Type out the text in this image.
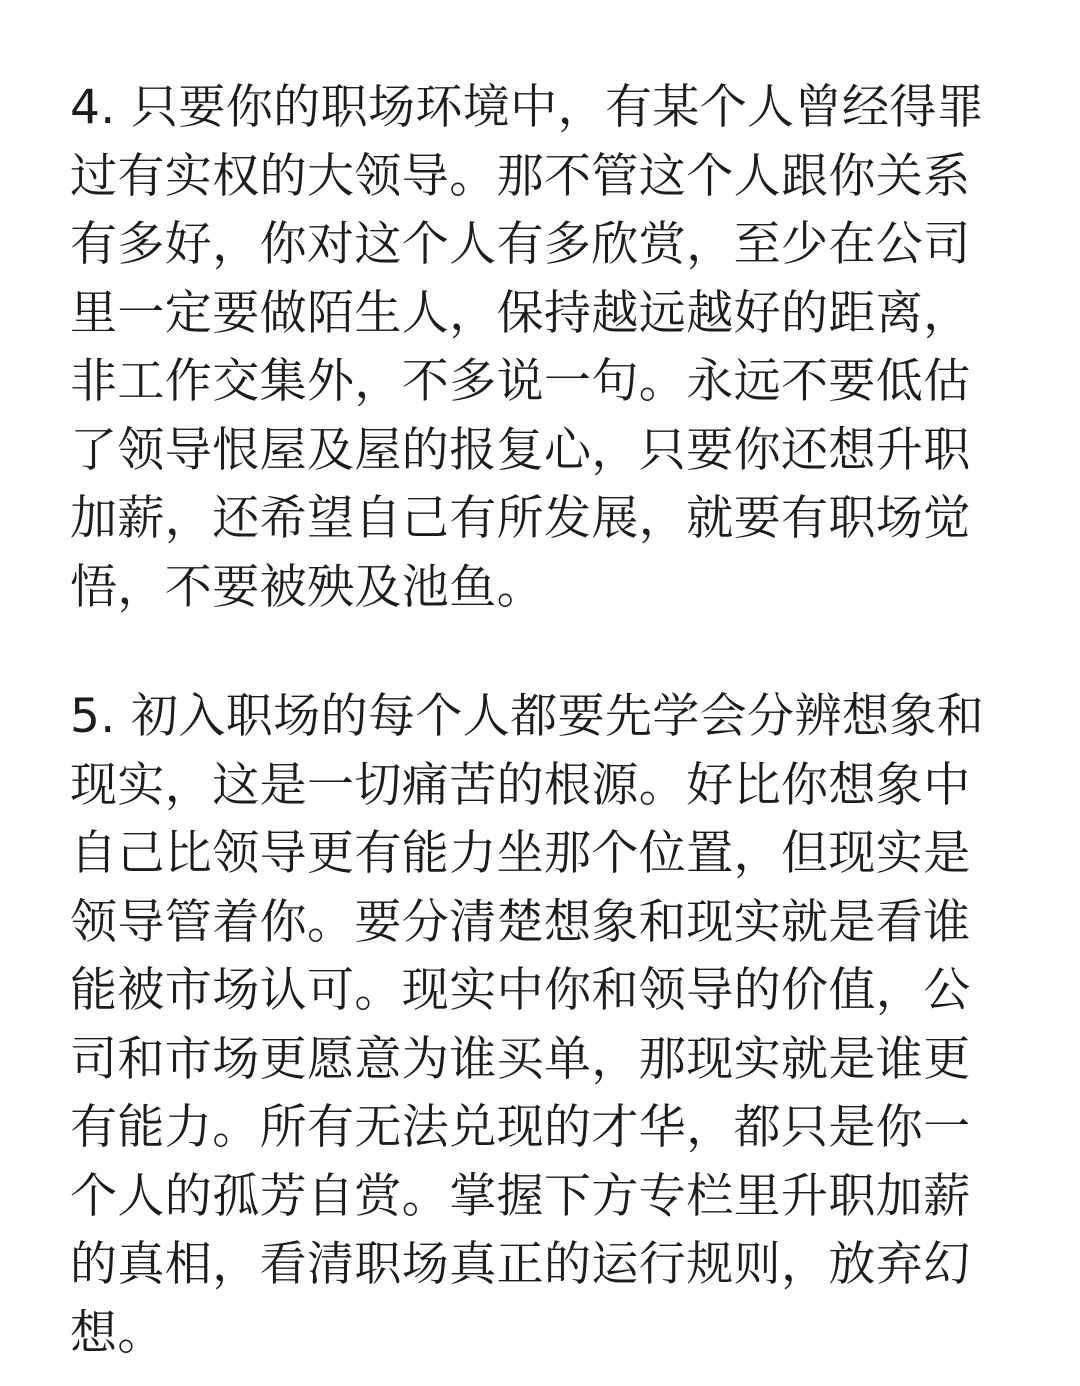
4. 只要你的职场环境中，有某个人曾经得罪
过有实权的大领导。那不管这个人跟你关系
有多好，你对这个人有多欣赏，至少在公司
里一定要做陌生人，保持越远越好的距离，
非工作交集外，不多说一句。永远不要低估
了领导恨屋及屋的报复心，只要你还想升职
加薪，还希望自己有所发展，就要有职场觉
悟，不要被殃及池鱼。

5. 初入职场的每个人都要先学会分辨想象和
现实，这是一切痛苦的根源。好比你想象中
自己比领导更有能力坐那个位置，但现实是
领导管着你。要分清楚想象和现实就是看谁
能被市场认可。现实中你和领导的价值，公
司和市场更愿意为谁买单，那现实就是谁更
有能力。所有无法兑现的才华，都只是你一
个人的孤芳自赏。掌握下方专栏里升职加薪
的真相，看清职场真正的运行规则，放弃幻
想。
